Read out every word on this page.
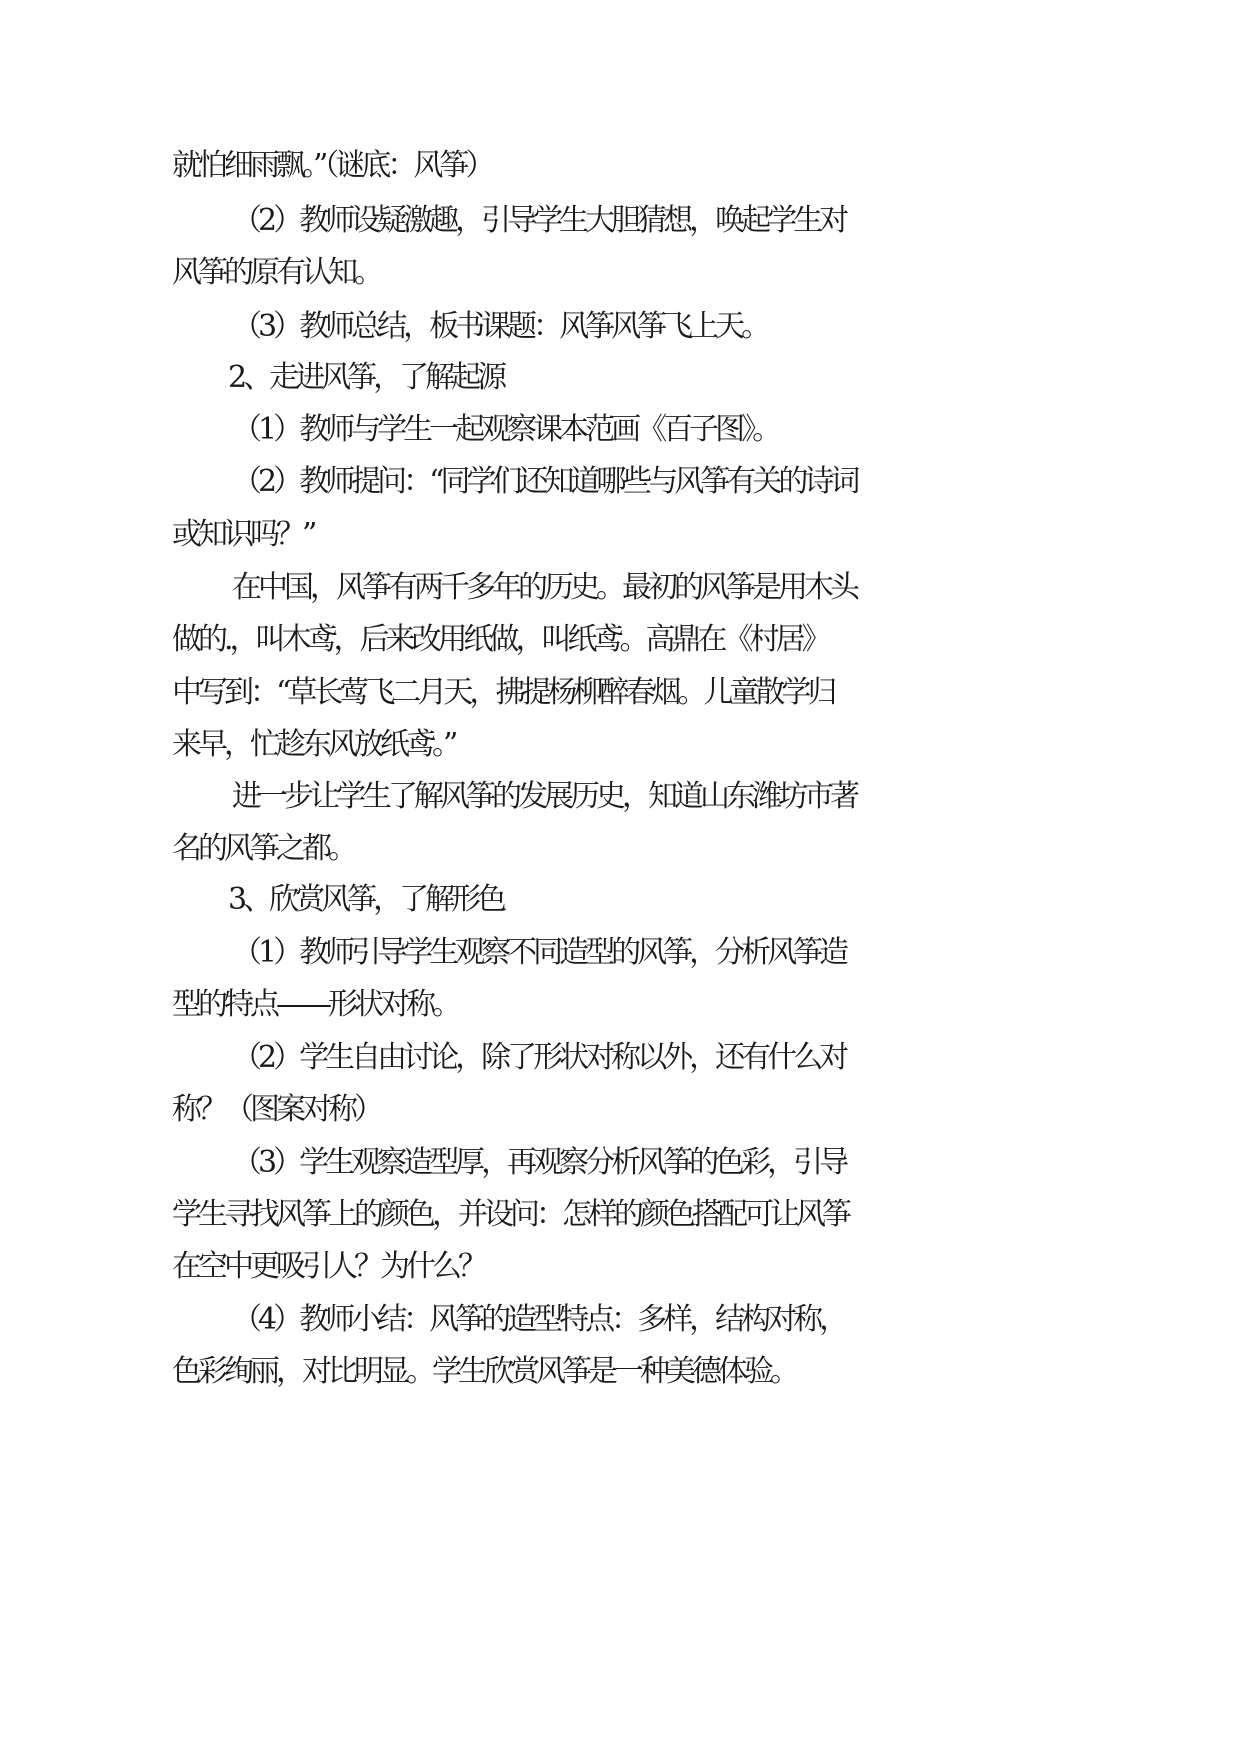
就怕细雨飘。”（谜底：风筝）
（2）教师设疑激趣，引导学生大胆猜想，唤起学生对
风筝的原有认知。
（3）教师总结，板书课题：风筝风筝飞上天。
2、走进风筝，了解起源
（1）教师与学生一起观察课本范画《百子图》。
（2）教师提问：“同学们还知道哪些与风筝有关的诗词
或知识吗？”
在中国，风筝有两千多年的历史。最初的风筝是用木头
做的.，叫木鸢，后来改用纸做，叫纸鸢。高鼎在《村居》
中写到：“草长莺飞二月天，拂提杨柳醉春烟。儿童散学归
来早，忙趁东风放纸鸢。”
进一步让学生了解风筝的发展历史，知道山东潍坊市著
名的风筝之都。
3、欣赏风筝，了解形色
（1）教师引导学生观察不同造型的风筝，分析风筝造
型的特点——形状对称。
（2）学生自由讨论，除了形状对称以外，还有什么对
称？（图案对称）
（3）学生观察造型厚，再观察分析风筝的色彩，引导
学生寻找风筝上的颜色，并设问：怎样的颜色搭配可让风筝
在空中更吸引人？为什么？
（4）教师小结：风筝的造型特点：多样，结构对称，
色彩绚丽，对比明显。学生欣赏风筝是一种美德体验。
